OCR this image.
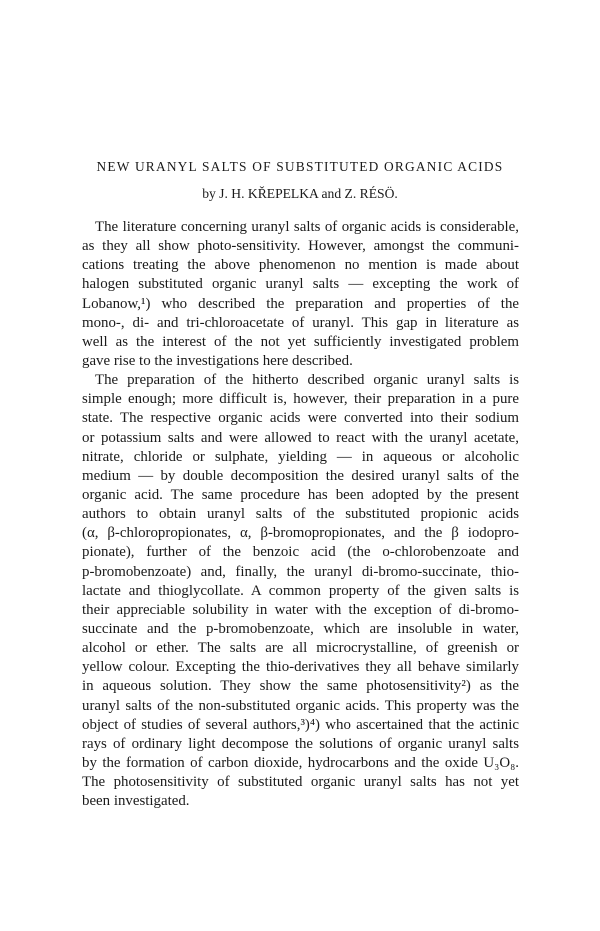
NEW URANYL SALTS OF SUBSTITUTED ORGANIC ACIDS
by J. H. KŘEPELKA and Z. RÉSÖ.
The literature concerning uranyl salts of organic acids is considerable,
as they all show photo-sensitivity. However, amongst the communi-
cations treating the above phenomenon no mention is made about
halogen substituted organic uranyl salts — excepting the work of
Lobanow,¹) who described the preparation and properties of the
mono-, di- and tri-chloroacetate of uranyl. This gap in literature as
well as the interest of the not yet sufficiently investigated problem
gave rise to the investigations here described.
The preparation of the hitherto described organic uranyl salts is
simple enough; more difficult is, however, their preparation in a pure
state. The respective organic acids were converted into their sodium
or potassium salts and were allowed to react with the uranyl acetate,
nitrate, chloride or sulphate, yielding — in aqueous or alcoholic
medium — by double decomposition the desired uranyl salts of the
organic acid. The same procedure has been adopted by the present
authors to obtain uranyl salts of the substituted propionic acids
(α, β-chloropropionates, α, β-bromopropionates, and the β iodopro-
pionate), further of the benzoic acid (the o-chlorobenzoate and
p-bromobenzoate) and, finally, the uranyl di-bromo-succinate, thio-
lactate and thioglycollate. A common property of the given salts is
their appreciable solubility in water with the exception of di-bromo-
succinate and the p-bromobenzoate, which are insoluble in water,
alcohol or ether. The salts are all microcrystalline, of greenish or
yellow colour. Excepting the thio-derivatives they all behave similarly
in aqueous solution. They show the same photosensitivity²) as the
uranyl salts of the non-substituted organic acids. This property was the
object of studies of several authors,³)⁴) who ascertained that the actinic
rays of ordinary light decompose the solutions of organic uranyl salts
by the formation of carbon dioxide, hydrocarbons and the oxide U₃O₈.
The photosensitivity of substituted organic uranyl salts has not yet
been investigated.
